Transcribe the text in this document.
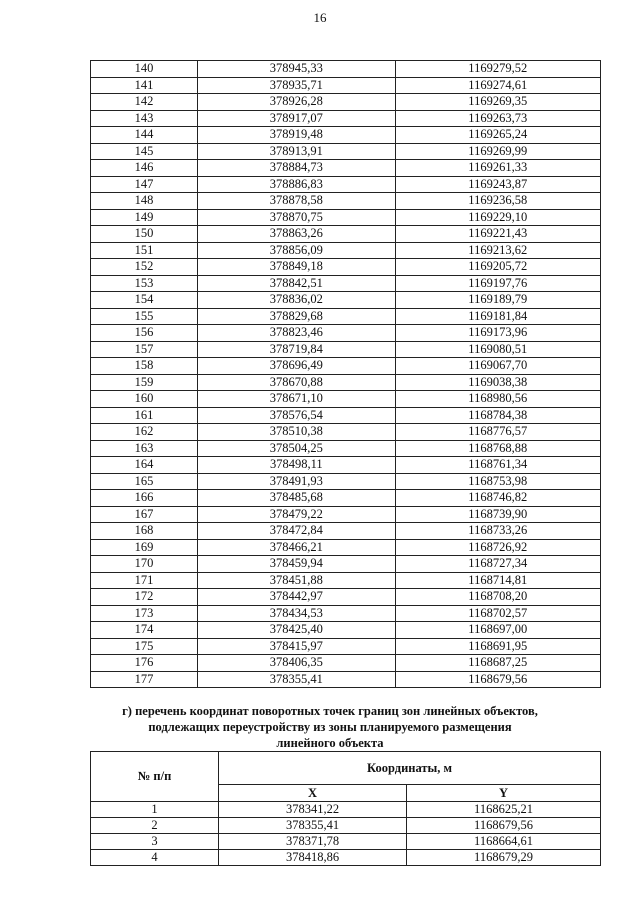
16
140	378945,33	1169279,52
141	378935,71	1169274,61
142	378926,28	1169269,35
143	378917,07	1169263,73
144	378919,48	1169265,24
145	378913,91	1169269,99
146	378884,73	1169261,33
147	378886,83	1169243,87
148	378878,58	1169236,58
149	378870,75	1169229,10
150	378863,26	1169221,43
151	378856,09	1169213,62
152	378849,18	1169205,72
153	378842,51	1169197,76
154	378836,02	1169189,79
155	378829,68	1169181,84
156	378823,46	1169173,96
157	378719,84	1169080,51
158	378696,49	1169067,70
159	378670,88	1169038,38
160	378671,10	1168980,56
161	378576,54	1168784,38
162	378510,38	1168776,57
163	378504,25	1168768,88
164	378498,11	1168761,34
165	378491,93	1168753,98
166	378485,68	1168746,82
167	378479,22	1168739,90
168	378472,84	1168733,26
169	378466,21	1168726,92
170	378459,94	1168727,34
171	378451,88	1168714,81
172	378442,97	1168708,20
173	378434,53	1168702,57
174	378425,40	1168697,00
175	378415,97	1168691,95
176	378406,35	1168687,25
177	378355,41	1168679,56
г) перечень координат поворотных точек границ зон линейных объектов,
подлежащих переустройству из зоны планируемого размещения
линейного объекта
№ п/п	Координаты, м	
	X	Y
1	378341,22	1168625,21
2	378355,41	1168679,56
3	378371,78	1168664,61
4	378418,86	1168679,29
